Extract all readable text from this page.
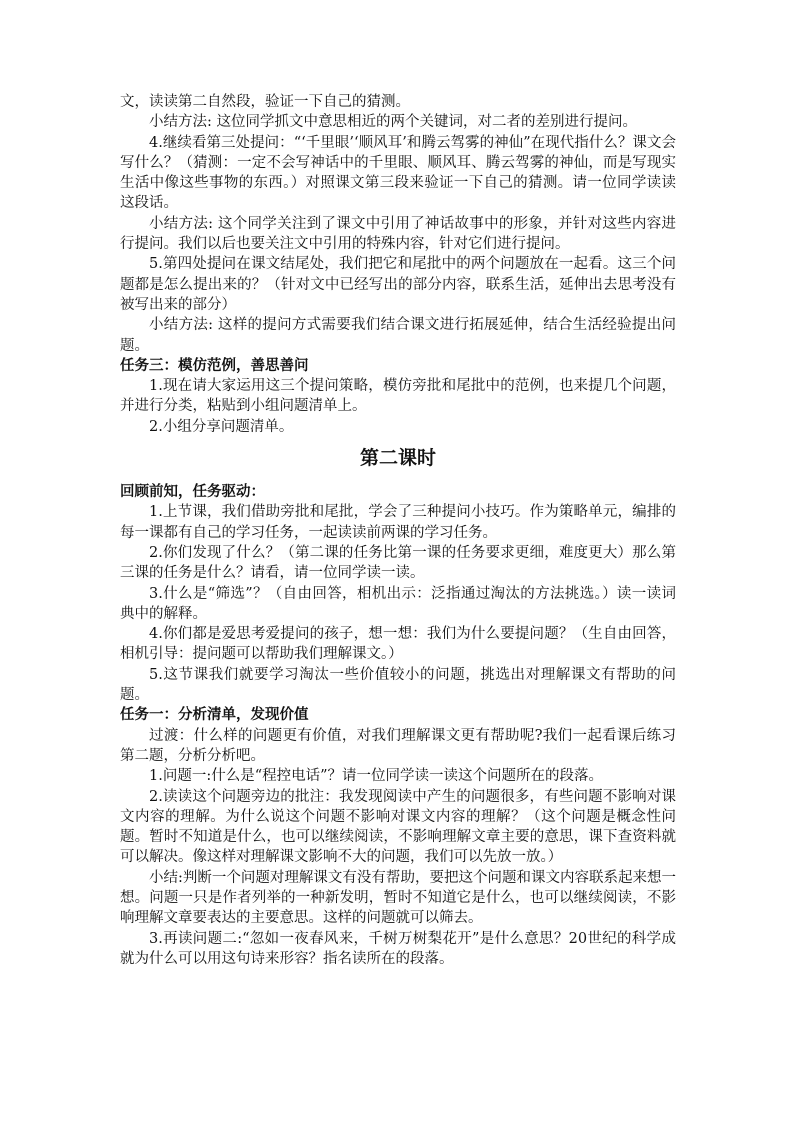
文，读读第二自然段，验证一下自己的猜测。

小结方法: 这位同学抓文中意思相近的两个关键词，对二者的差别进行提问。

4.继续看第三处提问：“‘千里眼’‘顺风耳’和腾云驾雾的神仙”在现代指什么？课文会写什么？（猜测：一定不会写神话中的千里眼、顺风耳、腾云驾雾的神仙，而是写现实生活中像这些事物的东西。）对照课文第三段来验证一下自己的猜测。请一位同学读读这段话。

小结方法: 这个同学关注到了课文中引用了神话故事中的形象，并针对这些内容进行提问。我们以后也要关注文中引用的特殊内容，针对它们进行提问。

5.第四处提问在课文结尾处，我们把它和尾批中的两个问题放在一起看。这三个问题都是怎么提出来的？（针对文中已经写出的部分内容，联系生活，延伸出去思考没有被写出来的部分）

小结方法: 这样的提问方式需要我们结合课文进行拓展延伸，结合生活经验提出问题。

任务三：模仿范例，善思善问

1.现在请大家运用这三个提问策略，模仿旁批和尾批中的范例，也来提几个问题，并进行分类，粘贴到小组问题清单上。

2.小组分享问题清单。

第二课时

回顾前知，任务驱动：

1.上节课，我们借助旁批和尾批，学会了三种提问小技巧。作为策略单元，编排的每一课都有自己的学习任务，一起读读前两课的学习任务。

2.你们发现了什么？（第二课的任务比第一课的任务要求更细，难度更大）那么第三课的任务是什么？请看，请一位同学读一读。

3.什么是“筛选”？（自由回答，相机出示：泛指通过淘汰的方法挑选。）读一读词典中的解释。

4.你们都是爱思考爱提问的孩子，想一想：我们为什么要提问题？（生自由回答，相机引导：提问题可以帮助我们理解课文。）

5.这节课我们就要学习淘汰一些价值较小的问题，挑选出对理解课文有帮助的问题。

任务一：分析清单，发现价值

过渡：什么样的问题更有价值，对我们理解课文更有帮助呢?我们一起看课后练习第二题，分析分析吧。

1.问题一:什么是“程控电话”？请一位同学读一读这个问题所在的段落。

2.读读这个问题旁边的批注：我发现阅读中产生的问题很多，有些问题不影响对课文内容的理解。为什么说这个问题不影响对课文内容的理解？（这个问题是概念性问题。暂时不知道是什么，也可以继续阅读，不影响理解文章主要的意思，课下查资料就可以解决。像这样对理解课文影响不大的问题，我们可以先放一放。）

小结:判断一个问题对理解课文有没有帮助，要把这个问题和课文内容联系起来想一想。问题一只是作者列举的一种新发明，暂时不知道它是什么，也可以继续阅读，不影响理解文章要表达的主要意思。这样的问题就可以筛去。

3.再读问题二:“忽如一夜春风来，千树万树梨花开”是什么意思？20世纪的科学成就为什么可以用这句诗来形容？指名读所在的段落。
